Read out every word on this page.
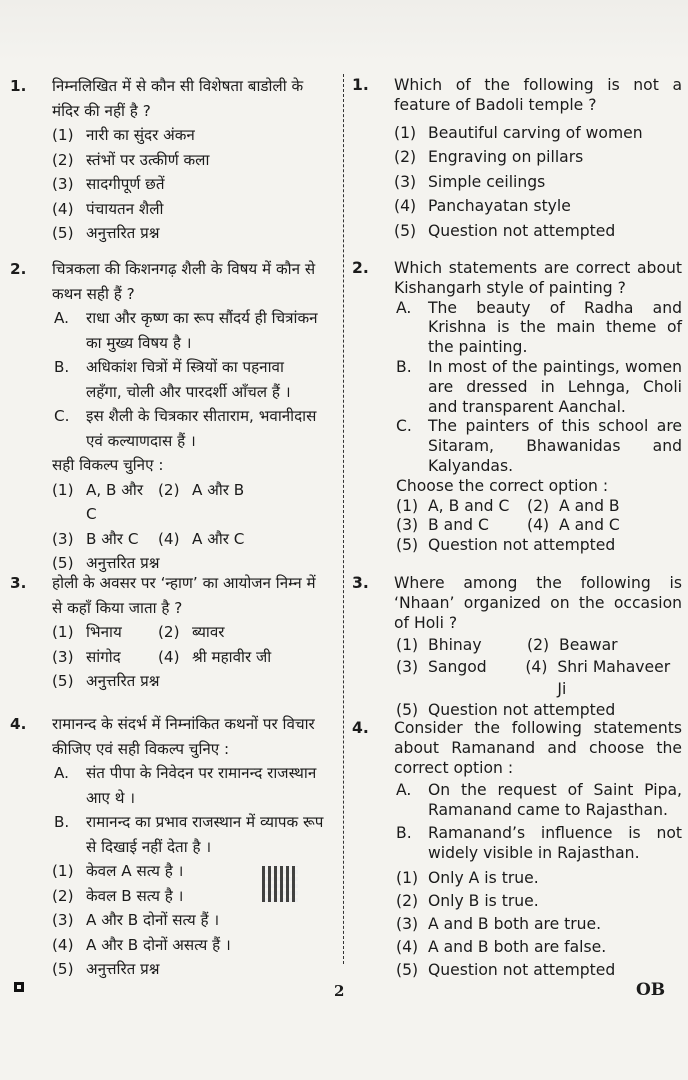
1.	निम्नलिखित में से कौन सी विशेषता बाडोली के
मंदिर की नहीं है ?
(1) नारी का सुंदर अंकन
(2) स्तंभों पर उत्कीर्ण कला
(3) सादगीपूर्ण छतें
(4) पंचायतन शैली
(5) अनुत्तरित प्रश्न
2.	चित्रकला की किशनगढ़ शैली के विषय में कौन से
कथन सही हैं ?
A.	राधा और कृष्ण का रूप सौंदर्य ही चित्रांकन
का मुख्य विषय है ।
B.	अधिकांश चित्रों में स्त्रियों का पहनावा
लहँगा, चोली और पारदर्शी आँचल हैं ।
C.	इस शैली के चित्रकार सीताराम, भवानीदास
एवं कल्याणदास हैं ।
सही विकल्प चुनिए :
(1) A, B और C
(2) A और B
(3) B और C (4) A और C
(5) अनुत्तरित प्रश्न
3.	होली के अवसर पर ‘न्हाण’ का आयोजन निम्न में
से कहाँ किया जाता है ?
(1) भिनाय (2) ब्यावर
(3) सांगोद (4) श्री महावीर जी
(5) अनुत्तरित प्रश्न
4.	रामानन्द के संदर्भ में निम्नांकित कथनों पर विचार
कीजिए एवं सही विकल्प चुनिए :
A.	संत पीपा के निवेदन पर रामानन्द राजस्थान
आए थे ।
B.	रामानन्द का प्रभाव राजस्थान में व्यापक रूप
से दिखाई नहीं देता है ।
(1) केवल A सत्य है ।
(2) केवल B सत्य है ।
(3) A और B दोनों सत्य हैं ।
(4) A और B दोनों असत्य हैं ।
(5) अनुत्तरित प्रश्न
1.	Which of the following is not a feature of Badoli temple ?
(1) Beautiful carving of women
(2) Engraving on pillars
(3) Simple ceilings
(4) Panchayatan style
(5) Question not attempted
2.	Which statements are correct about Kishangarh style of painting ?
A.	The beauty of Radha and Krishna is the main theme of the painting.
B.	In most of the paintings, women are dressed in Lehnga, Choli and transparent Aanchal.
C.	The painters of this school are Sitaram, Bhawanidas and Kalyandas.
Choose the correct option :
(1) A, B and C (2) A and B
(3) B and C (4) A and C
(5) Question not attempted
3.	Where among the following is ‘Nhaan’ organized on the occasion of Holi ?
(1) Bhinay	(2) Beawar
(3) Sangod (4) Shri Mahaveer Ji
(5) Question not attempted
4.	Consider the following statements about Ramanand and choose the correct option :
A.	On the request of Saint Pipa, Ramanand came to Rajasthan.
B.	Ramanand’s influence is not widely visible in Rajasthan.
(1) Only A is true.
(2) Only B is true.
(3) A and B both are true.
(4) A and B both are false.
(5) Question not attempted
2	OB
